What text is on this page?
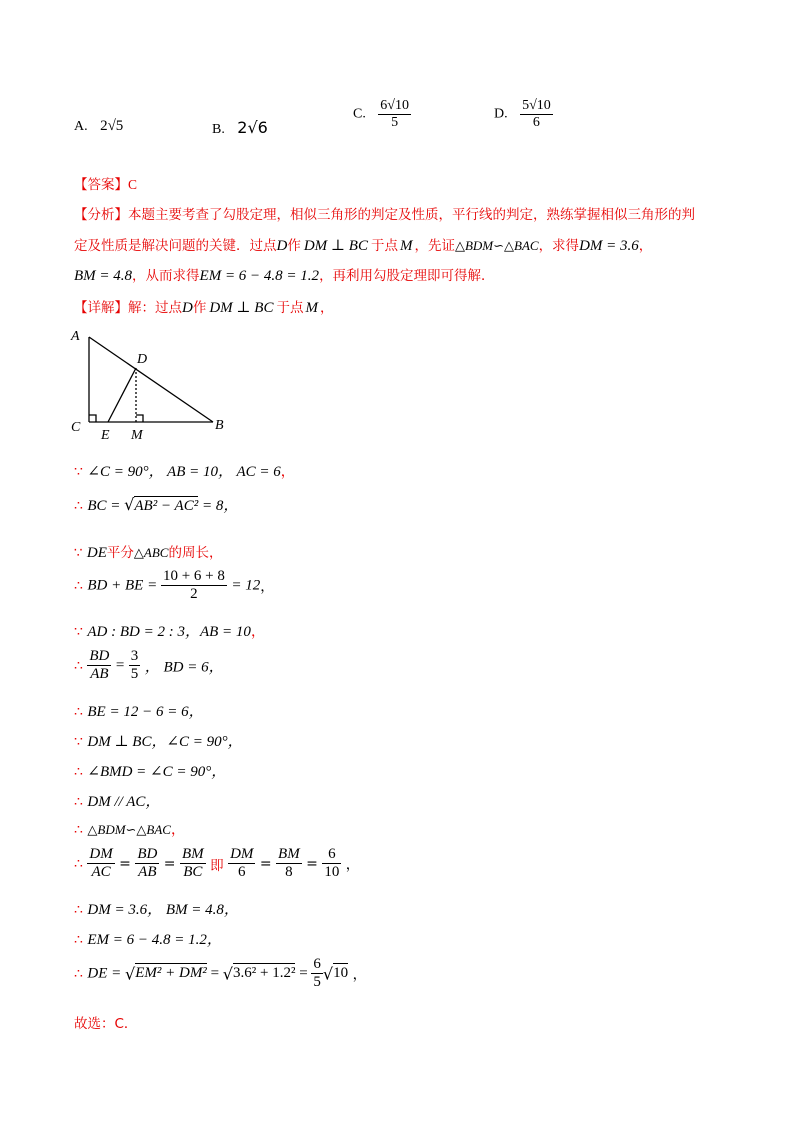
A. 2√5	B. 2√6
C. $\frac{6√10}{5}$	D. $\frac{5√10}{6}$
【答案】C
【分析】本题主要考查了勾股定理，相似三角形的判定及性质，平行线的判定，熟练掌握相似三角形的判
定及性质是解决问题的关键．过点D作 DM ⊥ BC 于点 M ，先证△BDM∽△BAC，求得DM = 3.6，
BM = 4.8，从而求得EM = 6 − 4.8 = 1.2，再利用勾股定理即可得解．
【详解】解：过点D作 DM ⊥ BC 于点 M ，
A
C
D
E M
B
∵ ∠C = 90°， AB = 10， AC = 6，
∴ BC = √AB² − AC² = 8，
∵ DE平分△ABC的周长，
∴ BD + BE = $\frac{10 + 6 + 8}{2} = 12$，
∵ AD : BD = 2 : 3，AB = 10，
∴ $\frac{BD}{AB} = \frac{3}{5}$ ， BD = 6，
∴ BE = 12 − 6 = 6，
∵ DM ⊥ BC，∠C = 90°，
∴ ∠BMD = ∠C = 90°，
∴ DM // AC，
∴ △BDM∽△BAC，
∴ $\frac{DM}{AC} = \frac{BD}{AB} = \frac{BM}{BC}$ 即 $\frac{DM}{6} = \frac{BM}{8} = \frac{6}{10}$ ，
∴ DM = 3.6， BM = 4.8，
∴ EM = 6 − 4.8 = 1.2，
∴ DE = $√EM^2 + DM^2 = √3.6^2 + 1.2^2 = \frac{6}{5} √10$ ，
故选：C．
